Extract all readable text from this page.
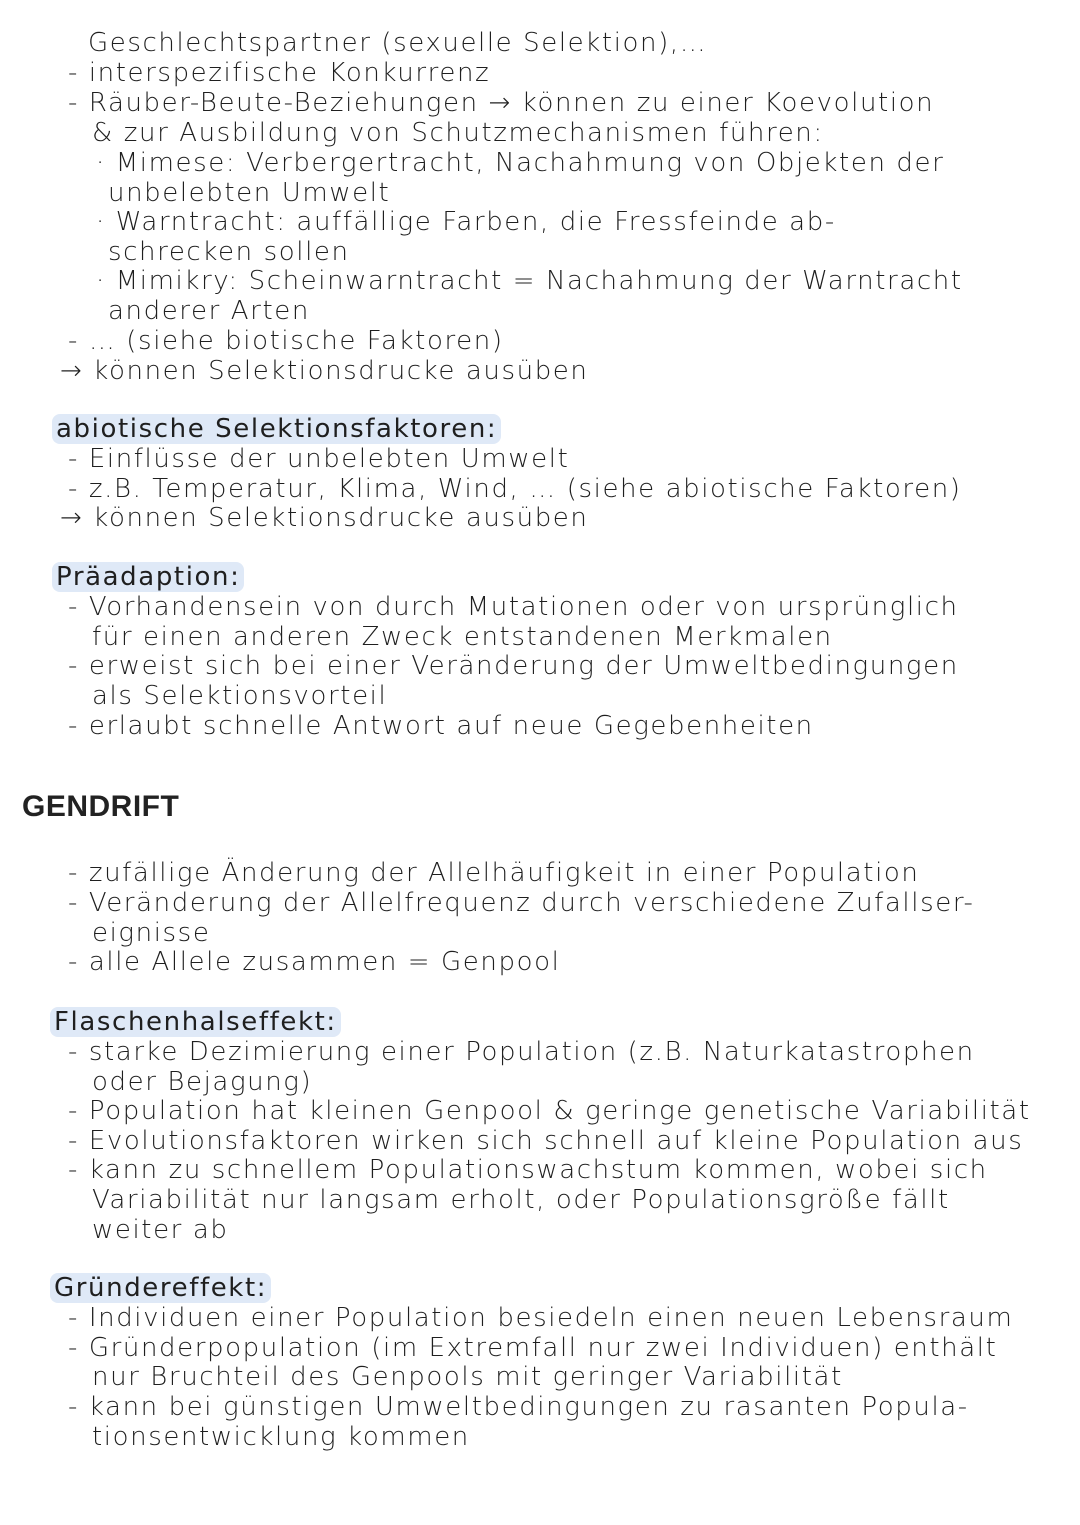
GENDRIFT
Geschlechtspartner (sexuelle Selektion),…
- interspezifische Konkurrenz
- Räuber-Beute-Beziehungen → können zu einer Koevolution
& zur Ausbildung von Schutzmechanismen führen:
· Mimese: Verbergertracht, Nachahmung von Objekten der
unbelebten Umwelt
· Warntracht: auffällige Farben, die Fressfeinde ab-
schrecken sollen
· Mimikry: Scheinwarntracht = Nachahmung der Warntracht
anderer Arten
- … (siehe biotische Faktoren)
→ können Selektionsdrucke ausüben
- Einflüsse der unbelebten Umwelt
- z.B. Temperatur, Klima, Wind, … (siehe abiotische Faktoren)
→ können Selektionsdrucke ausüben
- Vorhandensein von durch Mutationen oder von ursprünglich
für einen anderen Zweck entstandenen Merkmalen
- erweist sich bei einer Veränderung der Umweltbedingungen
als Selektionsvorteil
- erlaubt schnelle Antwort auf neue Gegebenheiten
- zufällige Änderung der Allelhäufigkeit in einer Population
- Veränderung der Allelfrequenz durch verschiedene Zufallser-
eignisse
- alle Allele zusammen = Genpool
- starke Dezimierung einer Population (z.B. Naturkatastrophen
oder Bejagung)
- Population hat kleinen Genpool & geringe genetische Variabilität
- Evolutionsfaktoren wirken sich schnell auf kleine Population aus
- kann zu schnellem Populationswachstum kommen, wobei sich
Variabilität nur langsam erholt, oder Populationsgröße fällt
weiter ab
- Individuen einer Population besiedeln einen neuen Lebensraum
- Gründerpopulation (im Extremfall nur zwei Individuen) enthält
nur Bruchteil des Genpools mit geringer Variabilität
- kann bei günstigen Umweltbedingungen zu rasanten Popula-
tionsentwicklung kommen
abiotische Selektionsfaktoren:
Präadaption:
Flaschenhalseffekt:
Gründereffekt:
